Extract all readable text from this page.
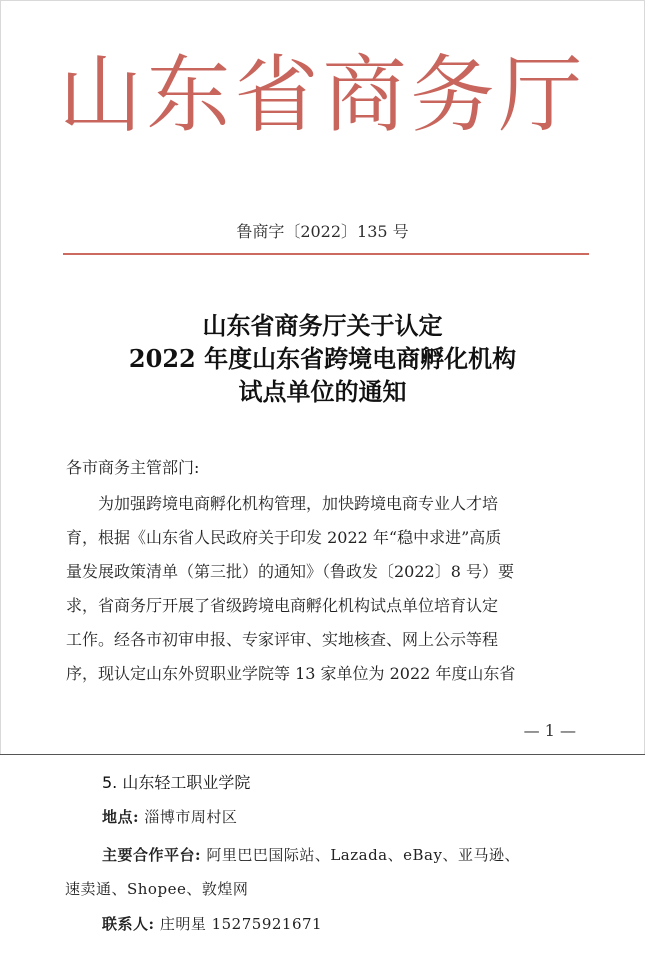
山东省商务厅
鲁商字〔2022〕135 号
山东省商务厅关于认定
2022 年度山东省跨境电商孵化机构
试点单位的通知
各市商务主管部门:
为加强跨境电商孵化机构管理，加快跨境电商专业人才培
育，根据《山东省人民政府关于印发 2022 年“稳中求进”高质
量发展政策清单（第三批）的通知》（鲁政发〔2022〕8 号）要
求，省商务厅开展了省级跨境电商孵化机构试点单位培育认定
工作。经各市初审申报、专家评审、实地核查、网上公示等程
序，现认定山东外贸职业学院等 13 家单位为 2022 年度山东省
— 1 —
5. 山东轻工职业学院
地点: 淄博市周村区
主要合作平台: 阿里巴巴国际站、Lazada、eBay、亚马逊、
速卖通、Shopee、敦煌网
联系人: 庄明星 15275921671
